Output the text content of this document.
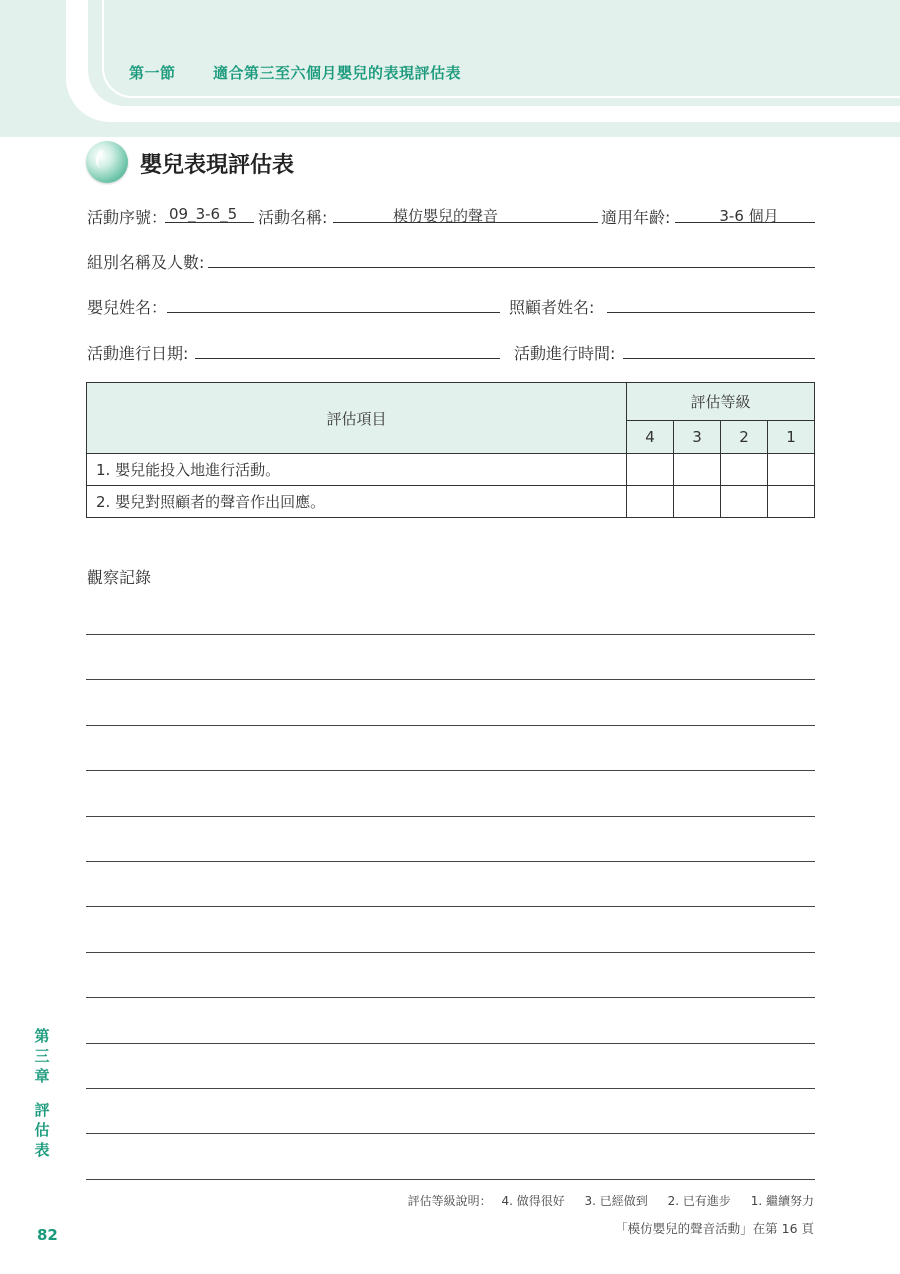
第一節 適合第三至六個月嬰兒的表現評估表
嬰兒表現評估表
活動序號： 09_3-6_5	活動名稱:	模仿嬰兒的聲音	適用年齡:	3-6 個月
組別名稱及人數:
嬰兒姓名：	照顧者姓名:
活動進行日期:	活動進行時間:
評估項目	評估等級			
	4	3	2	1
1. 嬰兒能投入地進行活動。				
2. 嬰兒對照顧者的聲音作出回應。				
觀察記錄
第
三
章
評
估
表
評估等級說明： 4. 做得很好 3. 已經做到 2. 已有進步 1. 繼續努力
「模仿嬰兒的聲音活動」在第 16 頁
82
